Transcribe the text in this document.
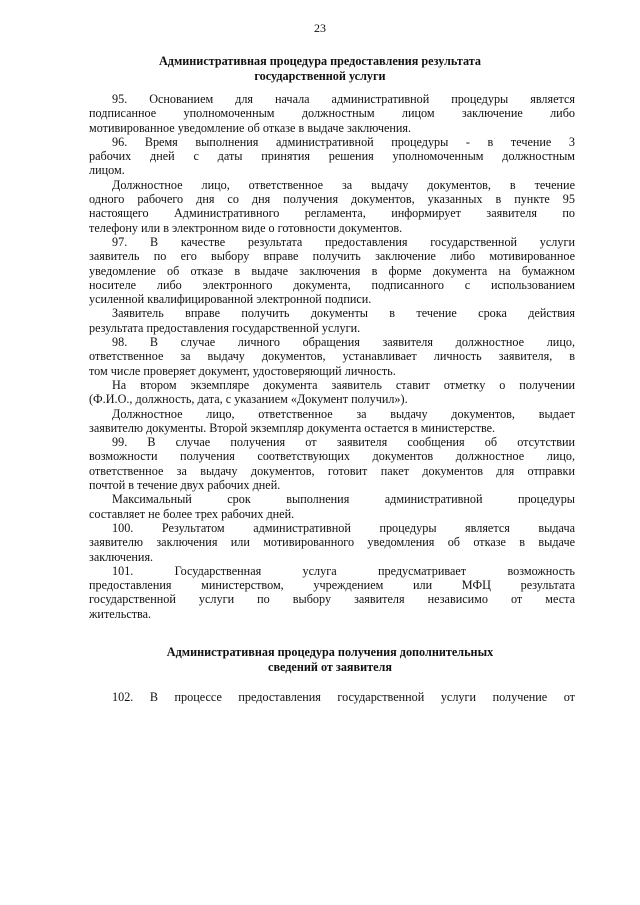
23
Административная процедура предоставления результата
государственной услуги
95. Основанием для начала административной процедуры является
подписанное уполномоченным должностным лицом заключение либо
мотивированное уведомление об отказе в выдаче заключения.
96. Время выполнения административной процедуры - в течение 3
рабочих дней с даты принятия решения уполномоченным должностным
лицом.
Должностное лицо, ответственное за выдачу документов, в течение
одного рабочего дня со дня получения документов, указанных в пункте 95
настоящего Административного регламента, информирует заявителя по
телефону или в электронном виде о готовности документов.
97. В качестве результата предоставления государственной услуги
заявитель по его выбору вправе получить заключение либо мотивированное
уведомление об отказе в выдаче заключения в форме документа на бумажном
носителе либо электронного документа, подписанного с использованием
усиленной квалифицированной электронной подписи.
Заявитель вправе получить документы в течение срока действия
результата предоставления государственной услуги.
98. В случае личного обращения заявителя должностное лицо,
ответственное за выдачу документов, устанавливает личность заявителя, в
том числе проверяет документ, удостоверяющий личность.
На втором экземпляре документа заявитель ставит отметку о получении
(Ф.И.О., должность, дата, с указанием «Документ получил»).
Должностное лицо, ответственное за выдачу документов, выдает
заявителю документы. Второй экземпляр документа остается в министерстве.
99. В случае получения от заявителя сообщения об отсутствии
возможности получения соответствующих документов должностное лицо,
ответственное за выдачу документов, готовит пакет документов для отправки
почтой в течение двух рабочих дней.
Максимальный срок выполнения административной процедуры
составляет не более трех рабочих дней.
100. Результатом административной процедуры является выдача
заявителю заключения или мотивированного уведомления об отказе в выдаче
заключения.
101. Государственная услуга предусматривает возможность
предоставления министерством, учреждением или МФЦ результата
государственной услуги по выбору заявителя независимо от места
жительства.
Административная процедура получения дополнительных
сведений от заявителя
102. В процессе предоставления государственной услуги получение от
